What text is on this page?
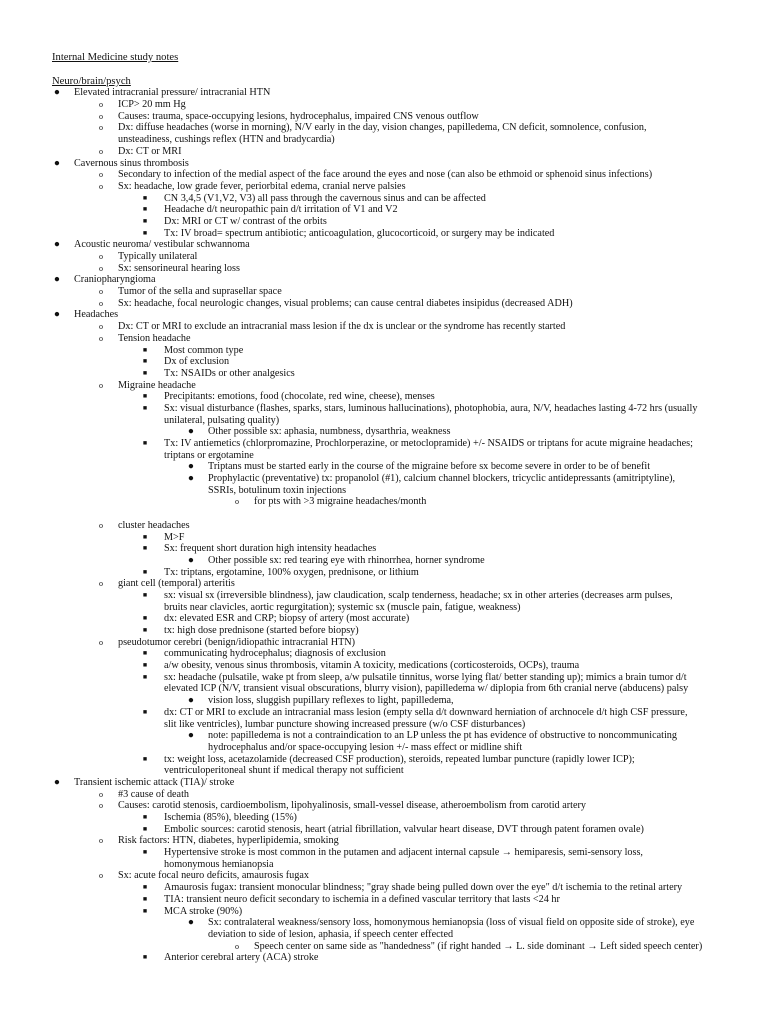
Internal Medicine study notes
Neuro/brain/psych
● Elevated intracranial pressure/ intracranial HTN
o ICP> 20 mm Hg
o Causes: trauma, space-occupying lesions, hydrocephalus, impaired CNS venous outflow
o Dx: diffuse headaches (worse in morning), N/V early in the day, vision changes, papilledema, CN deficit, somnolence, confusion,
unsteadiness, cushings reflex (HTN and bradycardia)
o Dx: CT or MRI
● Cavernous sinus thrombosis
o Secondary to infection of the medial aspect of the face around the eyes and nose (can also be ethmoid or sphenoid sinus infections)
o Sx: headache, low grade fever, periorbital edema, cranial nerve palsies
■ CN 3,4,5 (V1,V2, V3) all pass through the cavernous sinus and can be affected
■ Headache d/t neuropathic pain d/t irritation of V1 and V2
■ Dx: MRI or CT w/ contrast of the orbits
■ Tx: IV broad= spectrum antibiotic; anticoagulation, glucocorticoid, or surgery may be indicated
● Acoustic neuroma/ vestibular schwannoma
o Typically unilateral
o Sx: sensorineural hearing loss
● Craniopharyngioma
o Tumor of the sella and suprasellar space
o Sx: headache, focal neurologic changes, visual problems; can cause central diabetes insipidus (decreased ADH)
● Headaches
o Dx: CT or MRI to exclude an intracranial mass lesion if the dx is unclear or the syndrome has recently started
o Tension headache
■ Most common type
■ Dx of exclusion
■ Tx: NSAIDs or other analgesics
o Migraine headache
■ Precipitants: emotions, food (chocolate, red wine, cheese), menses
■ Sx: visual disturbance (flashes, sparks, stars, luminous hallucinations), photophobia, aura, N/V, headaches lasting 4-72 hrs (usually
unilateral, pulsating quality)
● Other possible sx: aphasia, numbness, dysarthria, weakness
■ Tx: IV antiemetics (chlorpromazine, Prochlorperazine, or metoclopramide) +/- NSAIDS or triptans for acute migraine headaches;
triptans or ergotamine
● Triptans must be started early in the course of the migraine before sx become severe in order to be of benefit
● Prophylactic (preventative) tx: propanolol (#1), calcium channel blockers, tricyclic antidepressants (amitriptyline),
SSRIs, botulinum toxin injections
o for pts with >3 migraine headaches/month
o cluster headaches
■ M>F
■ Sx: frequent short duration high intensity headaches
● Other possible sx: red tearing eye with rhinorrhea, horner syndrome
■ Tx: triptans, ergotamine, 100% oxygen, prednisone, or lithium
o giant cell (temporal) arteritis
■ sx: visual sx (irreversible blindness), jaw claudication, scalp tenderness, headache; sx in other arteries (decreases arm pulses,
bruits near clavicles, aortic regurgitation); systemic sx (muscle pain, fatigue, weakness)
■ dx: elevated ESR and CRP; biopsy of artery (most accurate)
■ tx: high dose prednisone (started before biopsy)
o pseudotumor cerebri (benign/idiopathic intracranial HTN)
■ communicating hydrocephalus; diagnosis of exclusion
■ a/w obesity, venous sinus thrombosis, vitamin A toxicity, medications (corticosteroids, OCPs), trauma
■ sx: headache (pulsatile, wake pt from sleep, a/w pulsatile tinnitus, worse lying flat/ better standing up); mimics a brain tumor d/t
elevated ICP (N/V, transient visual obscurations, blurry vision), papilledema w/ diplopia from 6th cranial nerve (abducens) palsy
● vision loss, sluggish pupillary reflexes to light, papilledema,
■ dx: CT or MRI to exclude an intracranial mass lesion (empty sella d/t downward herniation of archnocele d/t high CSF pressure,
slit like ventricles), lumbar puncture showing increased pressure (w/o CSF disturbances)
● note: papilledema is not a contraindication to an LP unless the pt has evidence of obstructive to noncommunicating
hydrocephalus and/or space-occupying lesion +/- mass effect or midline shift
■ tx: weight loss, acetazolamide (decreased CSF production), steroids, repeated lumbar puncture (rapidly lower ICP);
ventriculoperitoneal shunt if medical therapy not sufficient
● Transient ischemic attack (TIA)/ stroke
o #3 cause of death
o Causes: carotid stenosis, cardioembolism, lipohyalinosis, small-vessel disease, atheroembolism from carotid artery
■ Ischemia (85%), bleeding (15%)
■ Embolic sources: carotid stenosis, heart (atrial fibrillation, valvular heart disease, DVT through patent foramen ovale)
o Risk factors: HTN, diabetes, hyperlipidemia, smoking
■ Hypertensive stroke is most common in the putamen and adjacent internal capsule → hemiparesis, semi-sensory loss,
homonymous hemianopsia
o Sx: acute focal neuro deficits, amaurosis fugax
■ Amaurosis fugax: transient monocular blindness; "gray shade being pulled down over the eye" d/t ischemia to the retinal artery
■ TIA: transient neuro deficit secondary to ischemia in a defined vascular territory that lasts <24 hr
■ MCA stroke (90%)
● Sx: contralateral weakness/sensory loss, homonymous hemianopsia (loss of visual field on opposite side of stroke), eye
deviation to side of lesion, aphasia, if speech center effected
o Speech center on same side as "handedness" (if right handed → L. side dominant → Left sided speech center)
■ Anterior cerebral artery (ACA) stroke
